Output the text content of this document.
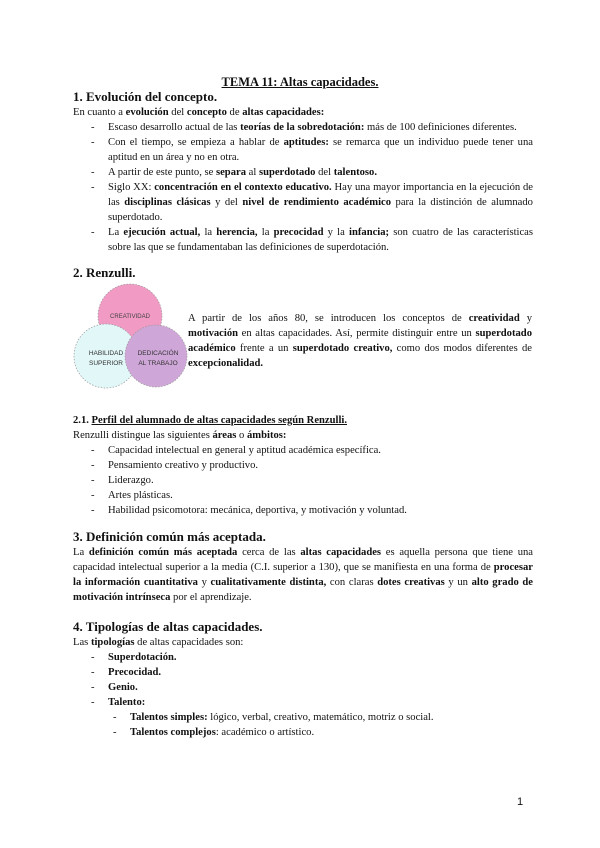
TEMA 11: Altas capacidades.
1. Evolución del concepto.
En cuanto a evolución del concepto de altas capacidades:
- Escaso desarrollo actual de las teorías de la sobredotación: más de 100 definiciones diferentes.
- Con el tiempo, se empieza a hablar de aptitudes: se remarca que un individuo puede tener una aptitud en un área y no en otra.
- A partir de este punto, se separa al superdotado del talentoso.
- Siglo XX: concentración en el contexto educativo. Hay una mayor importancia en la ejecución de las disciplinas clásicas y del nivel de rendimiento académico para la distinción de alumnado superdotado.
- La ejecución actual, la herencia, la precocidad y la infancia; son cuatro de las características sobre las que se fundamentaban las definiciones de superdotación.
2. Renzulli.
CREATIVIDAD
HABILIDAD
SUPERIOR
DEDICACIÓN
AL TRABAJO
A partir de los años 80, se introducen los conceptos de creatividad y motivación en altas capacidades. Así, permite distinguir entre un superdotado académico frente a un superdotado creativo, como dos modos diferentes de excepcionalidad.
2.1. Perfil del alumnado de altas capacidades según Renzulli.
Renzulli distingue las siguientes áreas o ámbitos:
- Capacidad intelectual en general y aptitud académica específica.
- Pensamiento creativo y productivo.
- Liderazgo.
- Artes plásticas.
- Habilidad psicomotora: mecánica, deportiva, y motivación y voluntad.
3. Definición común más aceptada.
La definición común más aceptada cerca de las altas capacidades es aquella persona que tiene una capacidad intelectual superior a la media (C.I. superior a 130), que se manifiesta en una forma de procesar la información cuantitativa y cualitativamente distinta, con claras dotes creativas y un alto grado de motivación intrínseca por el aprendizaje.
4. Tipologías de altas capacidades.
Las tipologías de altas capacidades son:
- Superdotación.
- Precocidad.
- Genio.
- Talento:
- Talentos simples: lógico, verbal, creativo, matemático, motriz o social.
- Talentos complejos: académico o artístico.
1
